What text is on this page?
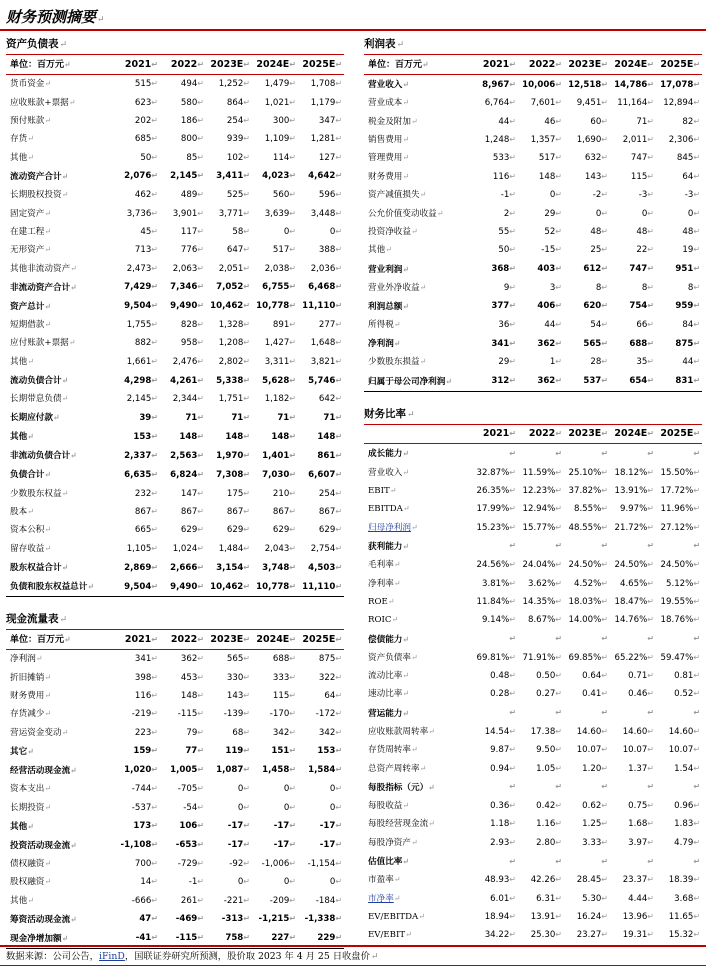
财务预测摘要↵
资产负债表↵					
单位：百万元↵	2021↵	2022↵	2023E↵	2024E↵	2025E↵
货币资金↵	515↵	494↵	1,252↵	1,479↵	1,708↵
应收账款+票据↵	623↵	580↵	864↵	1,021↵	1,179↵
预付账款↵	202↵	186↵	254↵	300↵	347↵
存货↵	685↵	800↵	939↵	1,109↵	1,281↵
其他↵	50↵	85↵	102↵	114↵	127↵
流动资产合计↵	2,076↵	2,145↵	3,411↵	4,023↵	4,642↵
长期股权投资↵	462↵	489↵	525↵	560↵	596↵
固定资产↵	3,736↵	3,901↵	3,771↵	3,639↵	3,448↵
在建工程↵	45↵	117↵	58↵	0↵	0↵
无形资产↵	713↵	776↵	647↵	517↵	388↵
其他非流动资产↵	2,473↵	2,063↵	2,051↵	2,038↵	2,036↵
非流动资产合计↵	7,429↵	7,346↵	7,052↵	6,755↵	6,468↵
资产总计↵	9,504↵	9,490↵	10,462↵	10,778↵	11,110↵
短期借款↵	1,755↵	828↵	1,328↵	891↵	277↵
应付账款+票据↵	882↵	958↵	1,208↵	1,427↵	1,648↵
其他↵	1,661↵	2,476↵	2,802↵	3,311↵	3,821↵
流动负债合计↵	4,298↵	4,261↵	5,338↵	5,628↵	5,746↵
长期带息负债↵	2,145↵	2,344↵	1,751↵	1,182↵	642↵
长期应付款↵	39↵	71↵	71↵	71↵	71↵
其他↵	153↵	148↵	148↵	148↵	148↵
非流动负债合计↵	2,337↵	2,563↵	1,970↵	1,401↵	861↵
负债合计↵	6,635↵	6,824↵	7,308↵	7,030↵	6,607↵
少数股东权益↵	232↵	147↵	175↵	210↵	254↵
股本↵	867↵	867↵	867↵	867↵	867↵
资本公积↵	665↵	629↵	629↵	629↵	629↵
留存收益↵	1,105↵	1,024↵	1,484↵	2,043↵	2,754↵
股东权益合计↵	2,869↵	2,666↵	3,154↵	3,748↵	4,503↵
负债和股东权益总计↵	9,504↵	9,490↵	10,462↵	10,778↵	11,110↵
利润表↵					
单位：百万元↵	2021↵	2022↵	2023E↵	2024E↵	2025E↵
营业收入↵	8,967↵	10,006↵	12,518↵	14,786↵	17,078↵
营业成本↵	6,764↵	7,601↵	9,451↵	11,164↵	12,894↵
税金及附加↵	44↵	46↵	60↵	71↵	82↵
销售费用↵	1,248↵	1,357↵	1,690↵	2,011↵	2,306↵
管理费用↵	533↵	517↵	632↵	747↵	845↵
财务费用↵	116↵	148↵	143↵	115↵	64↵
资产减值损失↵	-1↵	0↵	-2↵	-3↵	-3↵
公允价值变动收益↵	2↵	29↵	0↵	0↵	0↵
投资净收益↵	55↵	52↵	48↵	48↵	48↵
其他↵	50↵	-15↵	25↵	22↵	19↵
营业利润↵	368↵	403↵	612↵	747↵	951↵
营业外净收益↵	9↵	3↵	8↵	8↵	8↵
利润总额↵	377↵	406↵	620↵	754↵	959↵
所得税↵	36↵	44↵	54↵	66↵	84↵
净利润↵	341↵	362↵	565↵	688↵	875↵
少数股东损益↵	29↵	1↵	28↵	35↵	44↵
归属于母公司净利润↵	312↵	362↵	537↵	654↵	831↵
财务比率↵					
	2021↵	2022↵	2023E↵	2024E↵	2025E↵
成长能力↵	↵	↵	↵	↵	↵
营业收入↵	32.87%↵	11.59%↵	25.10%↵	18.12%↵	15.50%↵
EBIT↵	26.35%↵	12.23%↵	37.82%↵	13.91%↵	17.72%↵
EBITDA↵	17.99%↵	12.94%↵	8.55%↵	9.97%↵	11.96%↵
归母净利润↵	15.23%↵	15.77%↵	48.55%↵	21.72%↵	27.12%↵
获利能力↵	↵	↵	↵	↵	↵
毛利率↵	24.56%↵	24.04%↵	24.50%↵	24.50%↵	24.50%↵
净利率↵	3.81%↵	3.62%↵	4.52%↵	4.65%↵	5.12%↵
ROE↵	11.84%↵	14.35%↵	18.03%↵	18.47%↵	19.55%↵
ROIC↵	9.14%↵	8.67%↵	14.00%↵	14.76%↵	18.76%↵
偿债能力↵	↵	↵	↵	↵	↵
资产负债率↵	69.81%↵	71.91%↵	69.85%↵	65.22%↵	59.47%↵
流动比率↵	0.48↵	0.50↵	0.64↵	0.71↵	0.81↵
速动比率↵	0.28↵	0.27↵	0.41↵	0.46↵	0.52↵
营运能力↵	↵	↵	↵	↵	↵
应收账款周转率↵	14.54↵	17.38↵	14.60↵	14.60↵	14.60↵
存货周转率↵	9.87↵	9.50↵	10.07↵	10.07↵	10.07↵
总资产周转率↵	0.94↵	1.05↵	1.20↵	1.37↵	1.54↵
每股指标（元）↵	↵	↵	↵	↵	↵
每股收益↵	0.36↵	0.42↵	0.62↵	0.75↵	0.96↵
每股经营现金流↵	1.18↵	1.16↵	1.25↵	1.68↵	1.83↵
每股净资产↵	2.93↵	2.80↵	3.33↵	3.97↵	4.79↵
估值比率↵	↵	↵	↵	↵	↵
市盈率↵	48.93↵	42.26↵	28.45↵	23.37↵	18.39↵
市净率↵	6.01↵	6.31↵	5.30↵	4.44↵	3.68↵
EV/EBITDA↵	18.94↵	13.91↵	16.24↵	13.96↵	11.65↵
EV/EBIT↵	34.22↵	25.30↵	23.27↵	19.31↵	15.32↵
现金流量表↵					
单位：百万元↵	2021↵	2022↵	2023E↵	2024E↵	2025E↵
净利润↵	341↵	362↵	565↵	688↵	875↵
折旧摊销↵	398↵	453↵	330↵	333↵	322↵
财务费用↵	116↵	148↵	143↵	115↵	64↵
存货减少↵	-219↵	-115↵	-139↵	-170↵	-172↵
营运资金变动↵	223↵	79↵	68↵	342↵	342↵
其它↵	159↵	77↵	119↵	151↵	153↵
经营活动现金流↵	1,020↵	1,005↵	1,087↵	1,458↵	1,584↵
资本支出↵	-744↵	-705↵	0↵	0↵	0↵
长期投资↵	-537↵	-54↵	0↵	0↵	0↵
其他↵	173↵	106↵	-17↵	-17↵	-17↵
投资活动现金流↵	-1,108↵	-653↵	-17↵	-17↵	-17↵
债权融资↵	700↵	-729↵	-92↵	-1,006↵	-1,154↵
股权融资↵	14↵	-1↵	0↵	0↵	0↵
其他↵	-666↵	261↵	-221↵	-209↵	-184↵
筹资活动现金流↵	47↵	-469↵	-313↵	-1,215↵	-1,338↵
现金净增加额↵	-41↵	-115↵	758↵	227↵	229↵
数据来源：公司公告，iFinD，国联证券研究所预测，股价取 2023 年 4 月 25 日收盘价↵
